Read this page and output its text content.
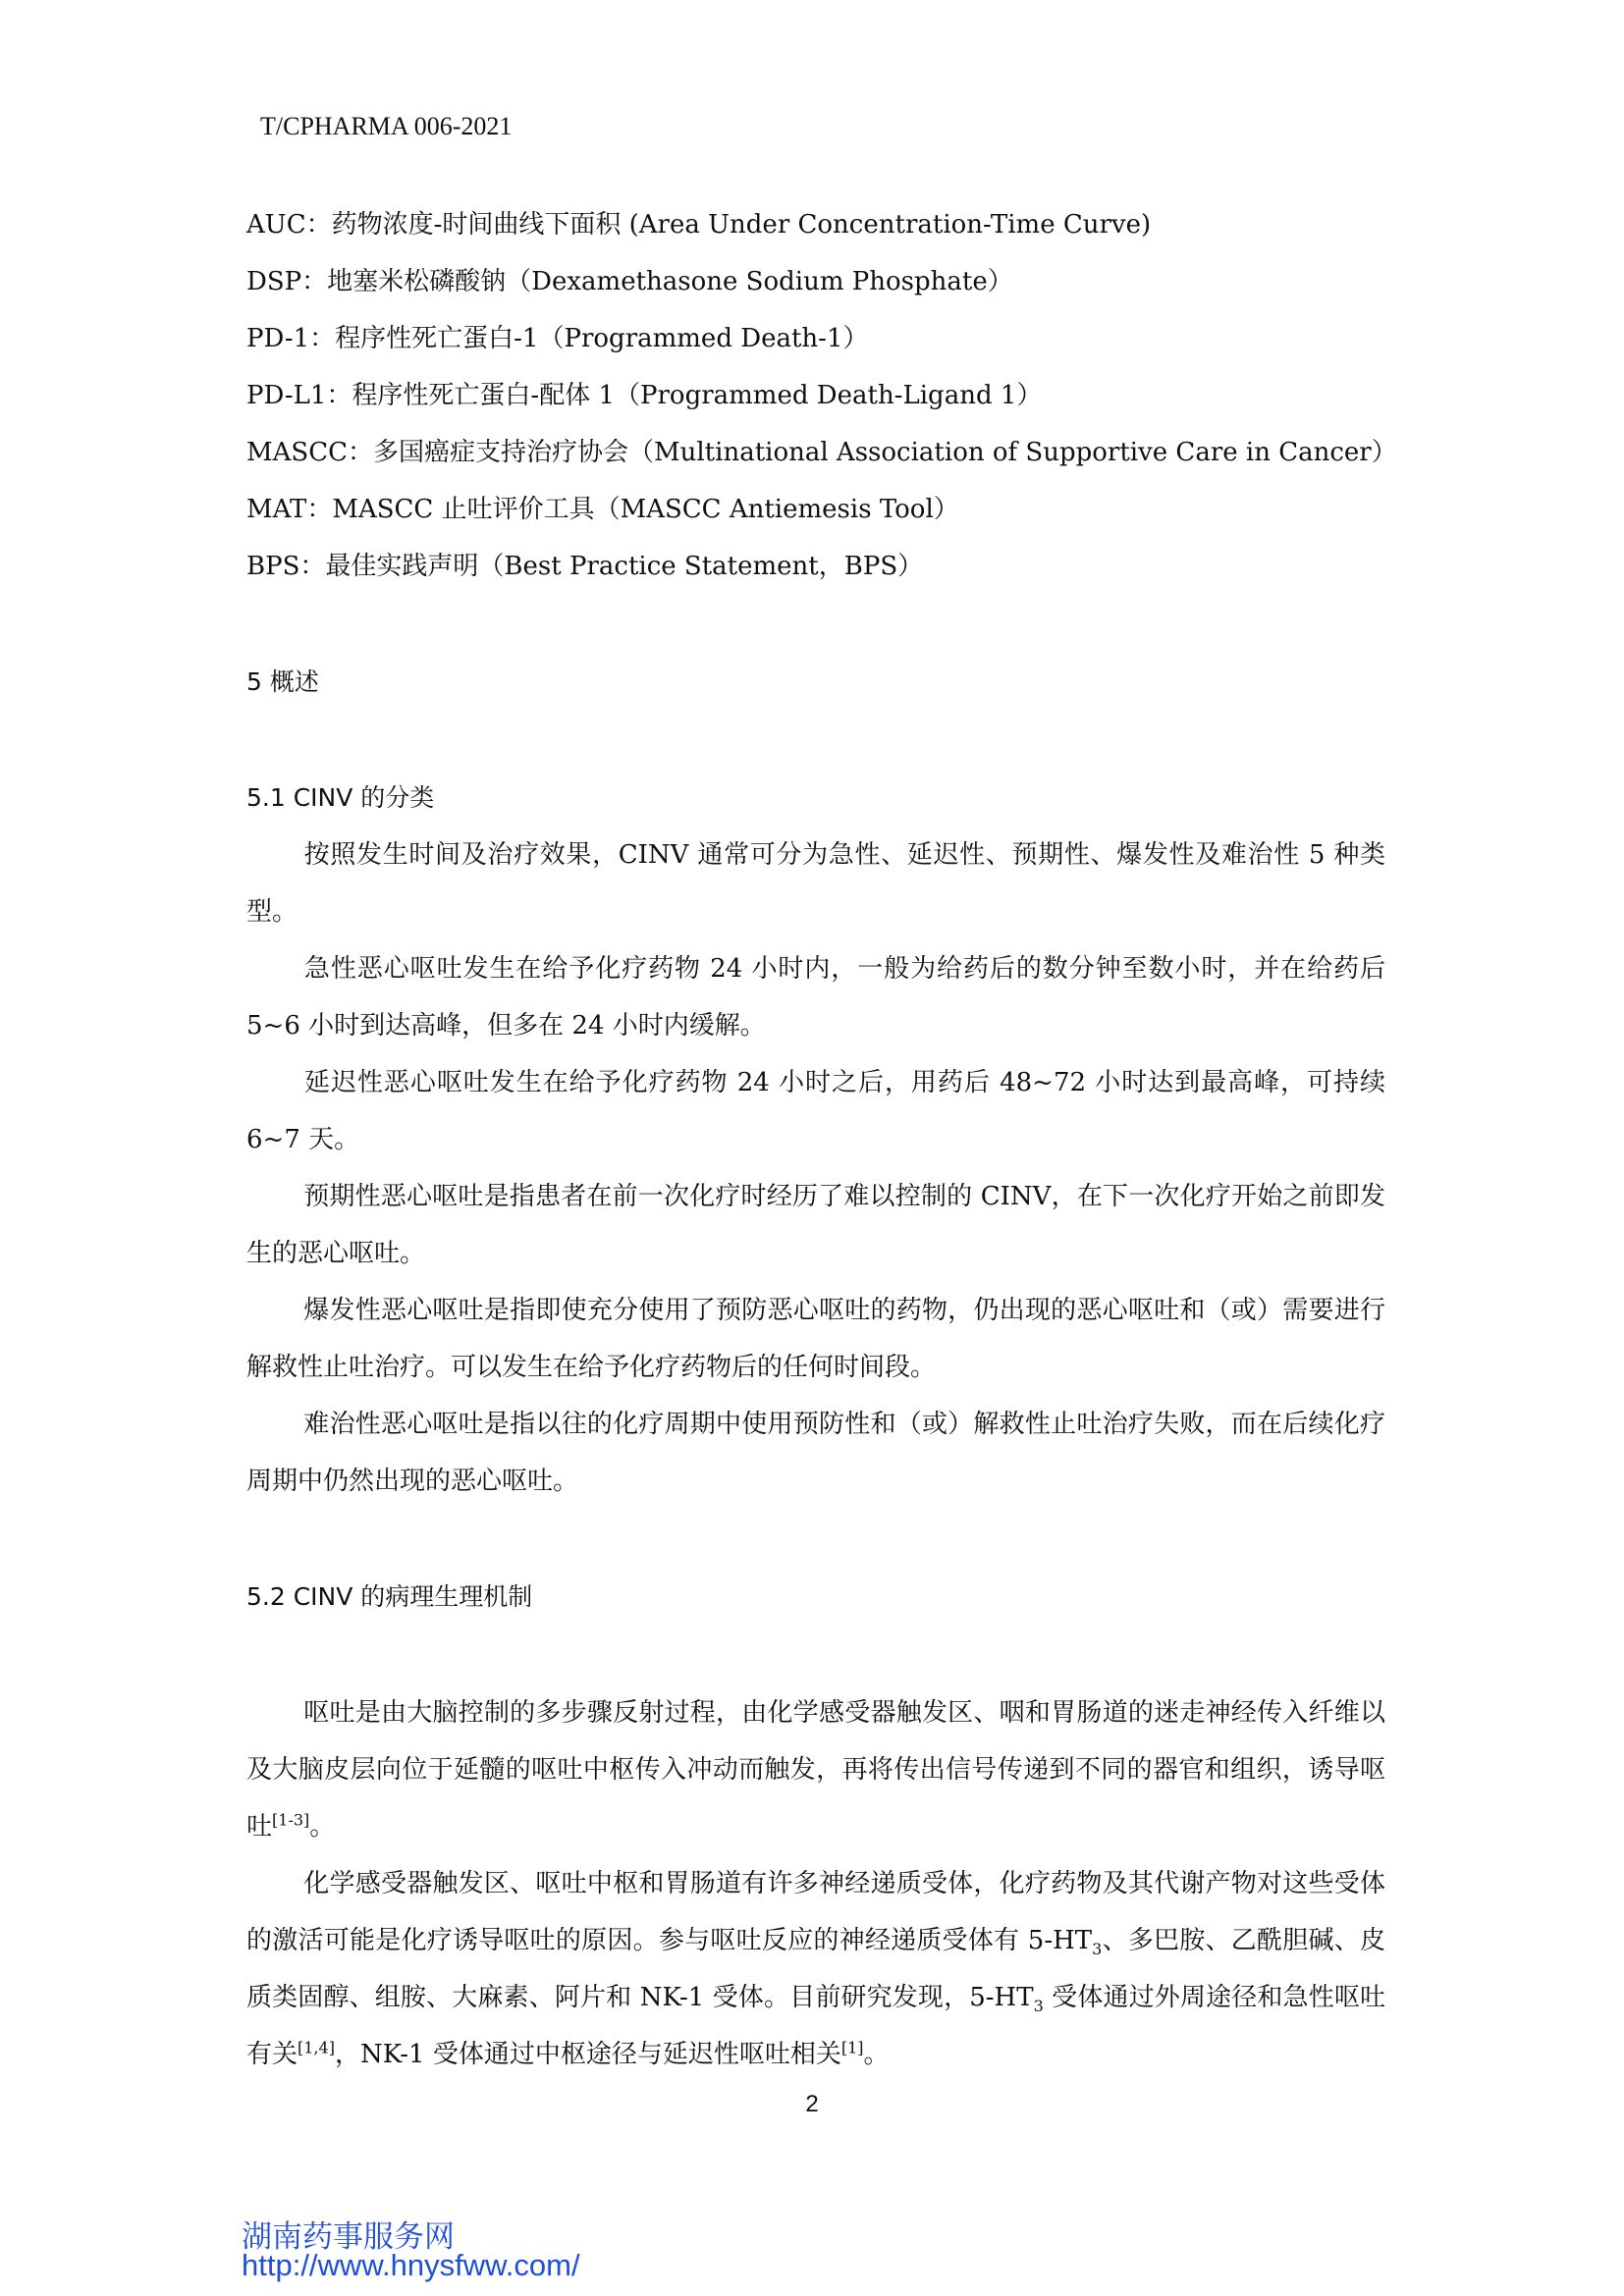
T/CPHARMA 006-2021
AUC：药物浓度-时间曲线下面积 (Area Under Concentration-Time Curve)
DSP：地塞米松磷酸钠（Dexamethasone Sodium Phosphate）
PD-1：程序性死亡蛋白-1（Programmed Death-1）
PD-L1：程序性死亡蛋白-配体 1（Programmed Death-Ligand 1）
MASCC：多国癌症支持治疗协会（Multinational Association of Supportive Care in Cancer）
MAT：MASCC 止吐评价工具（MASCC Antiemesis Tool）
BPS：最佳实践声明（Best Practice Statement，BPS）
5 概述
5.1 CINV 的分类
按照发生时间及治疗效果，CINV 通常可分为急性、延迟性、预期性、爆发性及难治性 5 种类型。
急性恶心呕吐发生在给予化疗药物 24 小时内，一般为给药后的数分钟至数小时，并在给药后 5~6 小时到达高峰，但多在 24 小时内缓解。
延迟性恶心呕吐发生在给予化疗药物 24 小时之后，用药后 48~72 小时达到最高峰，可持续 6~7 天。
预期性恶心呕吐是指患者在前一次化疗时经历了难以控制的 CINV，在下一次化疗开始之前即发生的恶心呕吐。
爆发性恶心呕吐是指即使充分使用了预防恶心呕吐的药物，仍出现的恶心呕吐和（或）需要进行解救性止吐治疗。可以发生在给予化疗药物后的任何时间段。
难治性恶心呕吐是指以往的化疗周期中使用预防性和（或）解救性止吐治疗失败，而在后续化疗周期中仍然出现的恶心呕吐。
5.2 CINV 的病理生理机制
呕吐是由大脑控制的多步骤反射过程，由化学感受器触发区、咽和胃肠道的迷走神经传入纤维以及大脑皮层向位于延髓的呕吐中枢传入冲动而触发，再将传出信号传递到不同的器官和组织，诱导呕吐[1-3]。
化学感受器触发区、呕吐中枢和胃肠道有许多神经递质受体，化疗药物及其代谢产物对这些受体的激活可能是化疗诱导呕吐的原因。参与呕吐反应的神经递质受体有 $5-HT_3$、多巴胺、乙酰胆碱、皮质类固醇、组胺、大麻素、阿片和 NK-1 受体。目前研究发现，$5-HT_3$ 受体通过外周途径和急性呕吐有关[1,4]，NK-1 受体通过中枢途径与延迟性呕吐相关[1]。
2
湖南药事服务网
http://www.hnysfww.com/
